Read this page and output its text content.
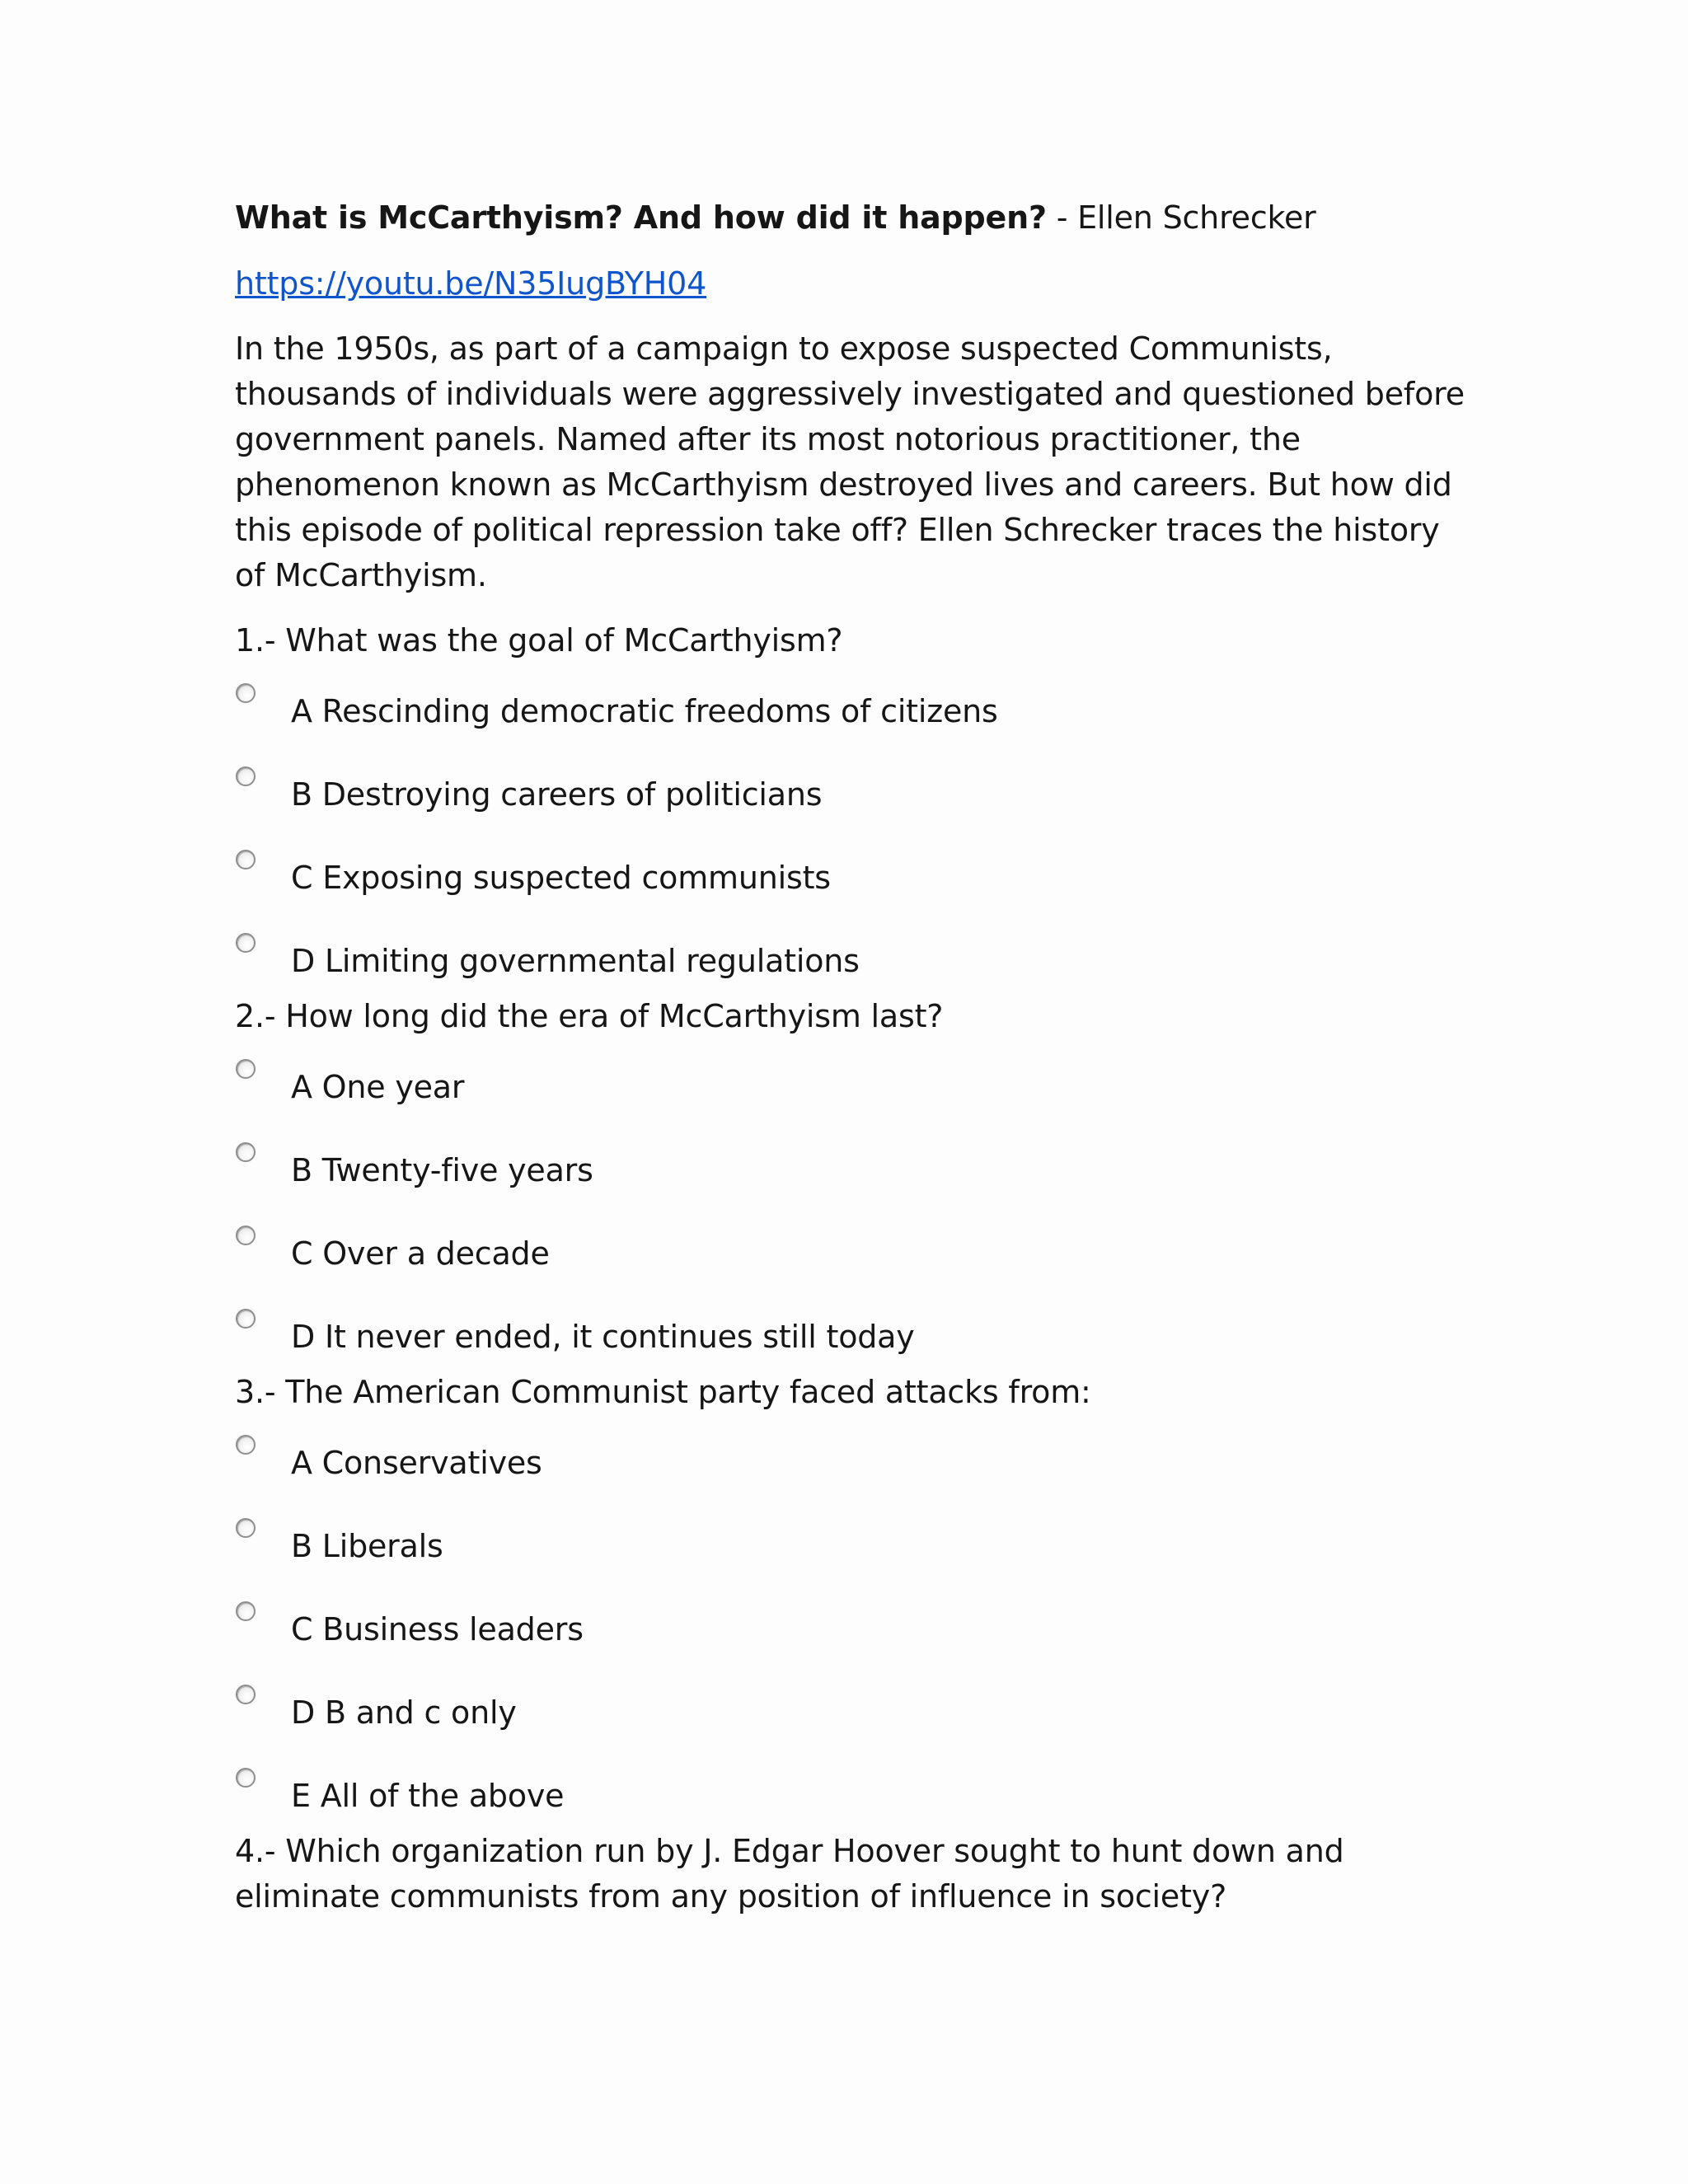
What is McCarthyism? And how did it happen? - Ellen Schrecker

https://youtu.be/N35IugBYH04

In the 1950s, as part of a campaign to expose suspected Communists, thousands of individuals were aggressively investigated and questioned before government panels. Named after its most notorious practitioner, the phenomenon known as McCarthyism destroyed lives and careers. But how did this episode of political repression take off? Ellen Schrecker traces the history of McCarthyism.

1.- What was the goal of McCarthyism?

A Rescinding democratic freedoms of citizens
B Destroying careers of politicians
C Exposing suspected communists
D Limiting governmental regulations

2.- How long did the era of McCarthyism last?

A One year
B Twenty-five years
C Over a decade
D It never ended, it continues still today

3.- The American Communist party faced attacks from:

A Conservatives
B Liberals
C Business leaders
D B and c only
E All of the above

4.- Which organization run by J. Edgar Hoover sought to hunt down and eliminate communists from any position of influence in society?
